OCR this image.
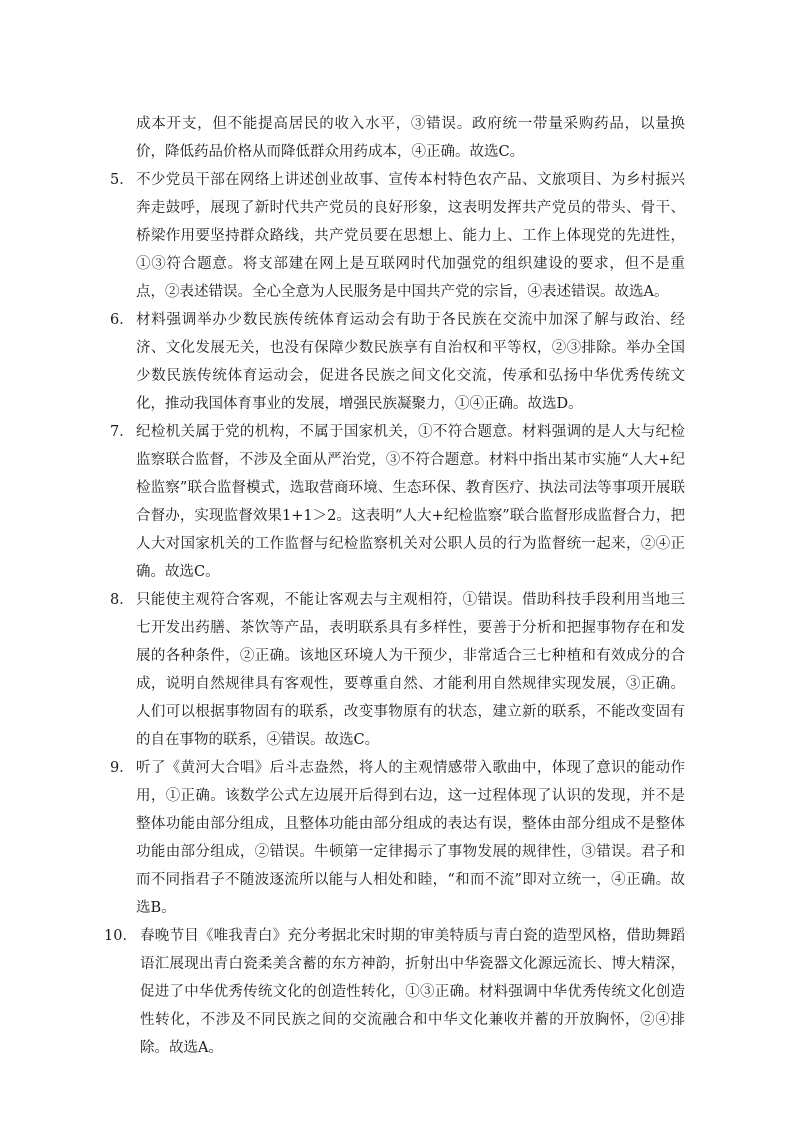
成本开支，但不能提高居民的收入水平，③错误。政府统一带量采购药品，以量换价，降低药品价格从而降低群众用药成本，④正确。故选C。

5． 不少党员干部在网络上讲述创业故事、宣传本村特色农产品、文旅项目、为乡村振兴奔走鼓呼，展现了新时代共产党员的良好形象，这表明发挥共产党员的带头、骨干、桥梁作用要坚持群众路线，共产党员要在思想上、能力上、工作上体现党的先进性，①③符合题意。将支部建在网上是互联网时代加强党的组织建设的要求，但不是重点，②表述错误。全心全意为人民服务是中国共产党的宗旨，④表述错误。故选A。

6． 材料强调举办少数民族传统体育运动会有助于各民族在交流中加深了解与政治、经济、文化发展无关，也没有保障少数民族享有自治权和平等权，②③排除。举办全国少数民族传统体育运动会，促进各民族之间文化交流，传承和弘扬中华优秀传统文化，推动我国体育事业的发展，增强民族凝聚力，①④正确。故选D。

7． 纪检机关属于党的机构，不属于国家机关，①不符合题意。材料强调的是人大与纪检监察联合监督，不涉及全面从严治党，③不符合题意。材料中指出某市实施“人大+纪检监察”联合监督模式，选取营商环境、生态环保、教育医疗、执法司法等事项开展联合督办，实现监督效果1+1＞2。这表明“人大+纪检监察”联合监督形成监督合力，把人大对国家机关的工作监督与纪检监察机关对公职人员的行为监督统一起来，②④正确。故选C。

8． 只能使主观符合客观，不能让客观去与主观相符，①错误。借助科技手段利用当地三七开发出药膳、茶饮等产品，表明联系具有多样性，要善于分析和把握事物存在和发展的各种条件，②正确。该地区环境人为干预少，非常适合三七种植和有效成分的合成，说明自然规律具有客观性，要尊重自然、才能利用自然规律实现发展，③正确。人们可以根据事物固有的联系，改变事物原有的状态，建立新的联系，不能改变固有的自在事物的联系，④错误。故选C。

9． 听了《黄河大合唱》后斗志盎然，将人的主观情感带入歌曲中，体现了意识的能动作用，①正确。该数学公式左边展开后得到右边，这一过程体现了认识的发现，并不是整体功能由部分组成，且整体功能由部分组成的表达有误，整体由部分组成不是整体功能由部分组成，②错误。牛顿第一定律揭示了事物发展的规律性，③错误。君子和而不同指君子不随波逐流所以能与人相处和睦，“和而不流”即对立统一，④正确。故选B。

10． 春晚节目《唯我青白》充分考据北宋时期的审美特质与青白瓷的造型风格，借助舞蹈语汇展现出青白瓷柔美含蓄的东方神韵，折射出中华瓷器文化源远流长、博大精深，促进了中华优秀传统文化的创造性转化，①③正确。材料强调中华优秀传统文化创造性转化，不涉及不同民族之间的交流融合和中华文化兼收并蓄的开放胸怀，②④排除。故选A。
